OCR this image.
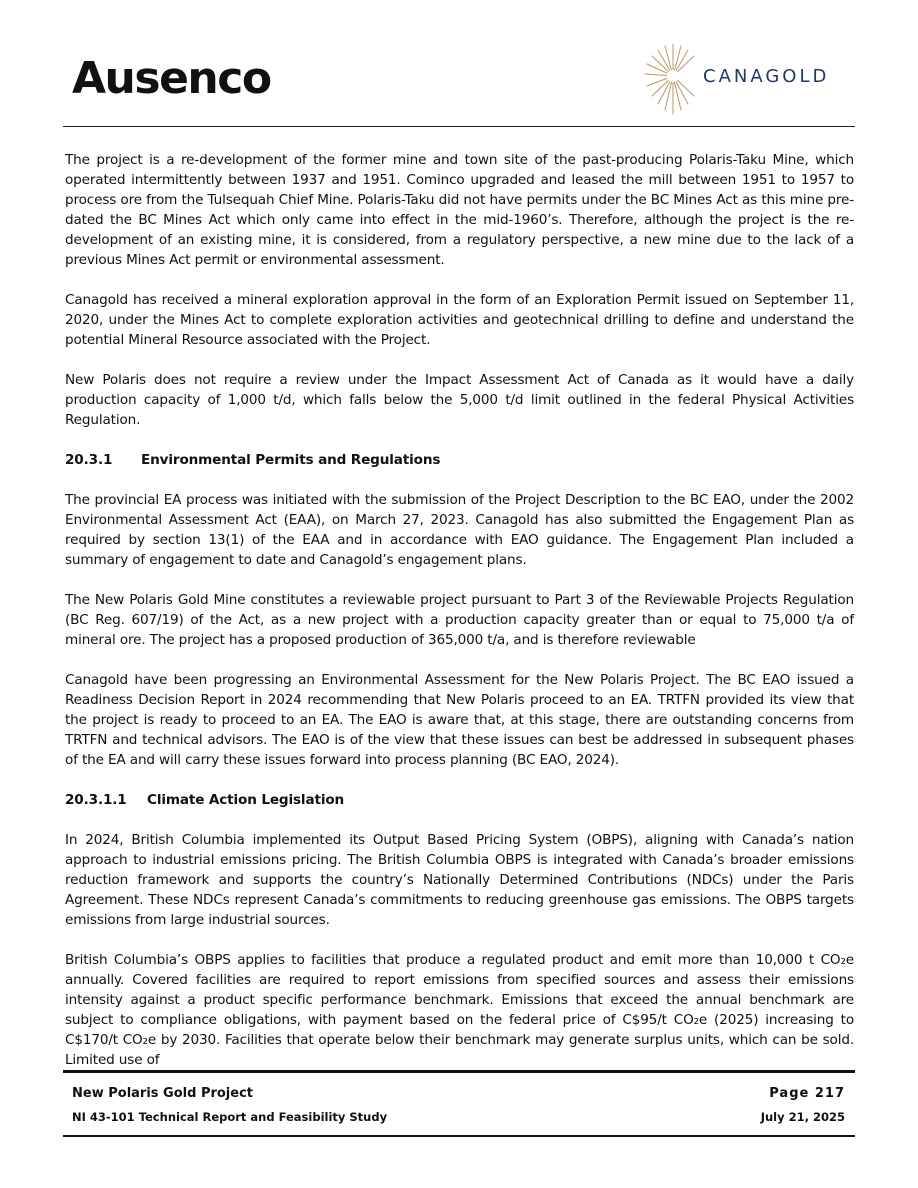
Ausenco	CANAGOLD

The project is a re-development of the former mine and town site of the past-producing Polaris-Taku Mine, which operated intermittently between 1937 and 1951. Cominco upgraded and leased the mill between 1951 to 1957 to process ore from the Tulsequah Chief Mine. Polaris-Taku did not have permits under the BC Mines Act as this mine pre-dated the BC Mines Act which only came into effect in the mid-1960’s. Therefore, although the project is the re-development of an existing mine, it is considered, from a regulatory perspective, a new mine due to the lack of a previous Mines Act permit or environmental assessment.

Canagold has received a mineral exploration approval in the form of an Exploration Permit issued on September 11, 2020, under the Mines Act to complete exploration activities and geotechnical drilling to define and understand the potential Mineral Resource associated with the Project.

New Polaris does not require a review under the Impact Assessment Act of Canada as it would have a daily production capacity of 1,000 t/d, which falls below the 5,000 t/d limit outlined in the federal Physical Activities Regulation.

20.3.1 Environmental Permits and Regulations

The provincial EA process was initiated with the submission of the Project Description to the BC EAO, under the 2002 Environmental Assessment Act (EAA), on March 27, 2023. Canagold has also submitted the Engagement Plan as required by section 13(1) of the EAA and in accordance with EAO guidance. The Engagement Plan included a summary of engagement to date and Canagold’s engagement plans.

The New Polaris Gold Mine constitutes a reviewable project pursuant to Part 3 of the Reviewable Projects Regulation (BC Reg. 607/19) of the Act, as a new project with a production capacity greater than or equal to 75,000 t/a of mineral ore. The project has a proposed production of 365,000 t/a, and is therefore reviewable

Canagold have been progressing an Environmental Assessment for the New Polaris Project. The BC EAO issued a Readiness Decision Report in 2024 recommending that New Polaris proceed to an EA. TRTFN provided its view that the project is ready to proceed to an EA. The EAO is aware that, at this stage, there are outstanding concerns from TRTFN and technical advisors. The EAO is of the view that these issues can best be addressed in subsequent phases of the EA and will carry these issues forward into process planning (BC EAO, 2024).

20.3.1.1 Climate Action Legislation

In 2024, British Columbia implemented its Output Based Pricing System (OBPS), aligning with Canada’s nation approach to industrial emissions pricing. The British Columbia OBPS is integrated with Canada’s broader emissions reduction framework and supports the country’s Nationally Determined Contributions (NDCs) under the Paris Agreement. These NDCs represent Canada’s commitments to reducing greenhouse gas emissions. The OBPS targets emissions from large industrial sources.

British Columbia’s OBPS applies to facilities that produce a regulated product and emit more than 10,000 t CO₂e annually. Covered facilities are required to report emissions from specified sources and assess their emissions intensity against a product specific performance benchmark. Emissions that exceed the annual benchmark are subject to compliance obligations, with payment based on the federal price of C$95/t CO₂e (2025) increasing to C$170/t CO₂e by 2030. Facilities that operate below their benchmark may generate surplus units, which can be sold. Limited use of

New Polaris Gold Project
NI 43-101 Technical Report and Feasibility Study
Page 217
July 21, 2025
